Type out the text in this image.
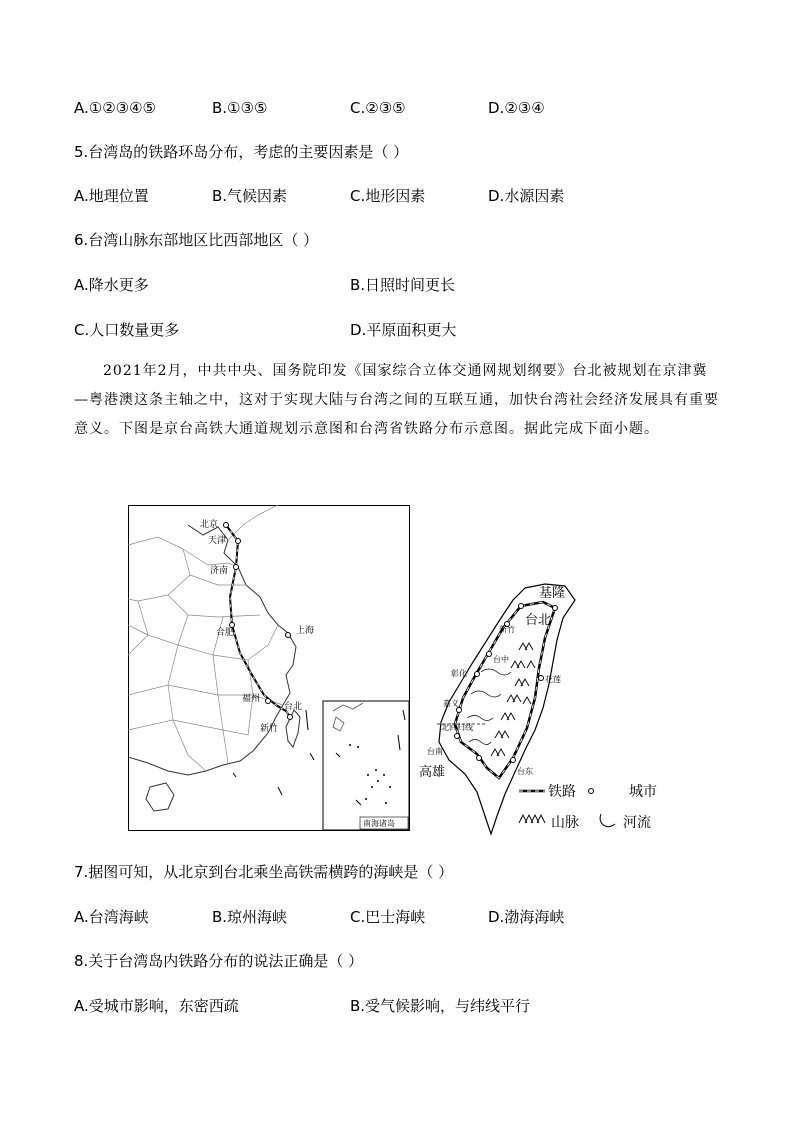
A.①②③④⑤	B.①③⑤	C.②③⑤	D.②③④
5.台湾岛的铁路环岛分布，考虑的主要因素是（ ）
A.地理位置	B.气候因素	C.地形因素	D.水源因素
6.台湾山脉东部地区比西部地区（ ）
A.降水更多	B.日照时间更长
C.人口数量更多	D.平原面积更大
2021年2月，中共中央、国务院印发《国家综合立体交通网规划纲要》台北被规划在京津冀—粤港澳这条主轴之中，这对于实现大陆与台湾之间的互联互通，加快台湾社会经济发展具有重要意义。下图是京台高铁大通道规划示意图和台湾省铁路分布示意图。据此完成下面小题。
北京
天津
济南
合肥	上海
福州
台北
新竹
南海诸岛
基隆
台北
新竹
台中
彰化
花莲
嘉义
北回归线
台南
高雄	台东
铁路	城市
山脉	河流
7.据图可知，从北京到台北乘坐高铁需横跨的海峡是（ ）
A.台湾海峡	B.琼州海峡	C.巴士海峡	D.渤海海峡
8.关于台湾岛内铁路分布的说法正确是（ ）
A.受城市影响，东密西疏	B.受气候影响，与纬线平行
